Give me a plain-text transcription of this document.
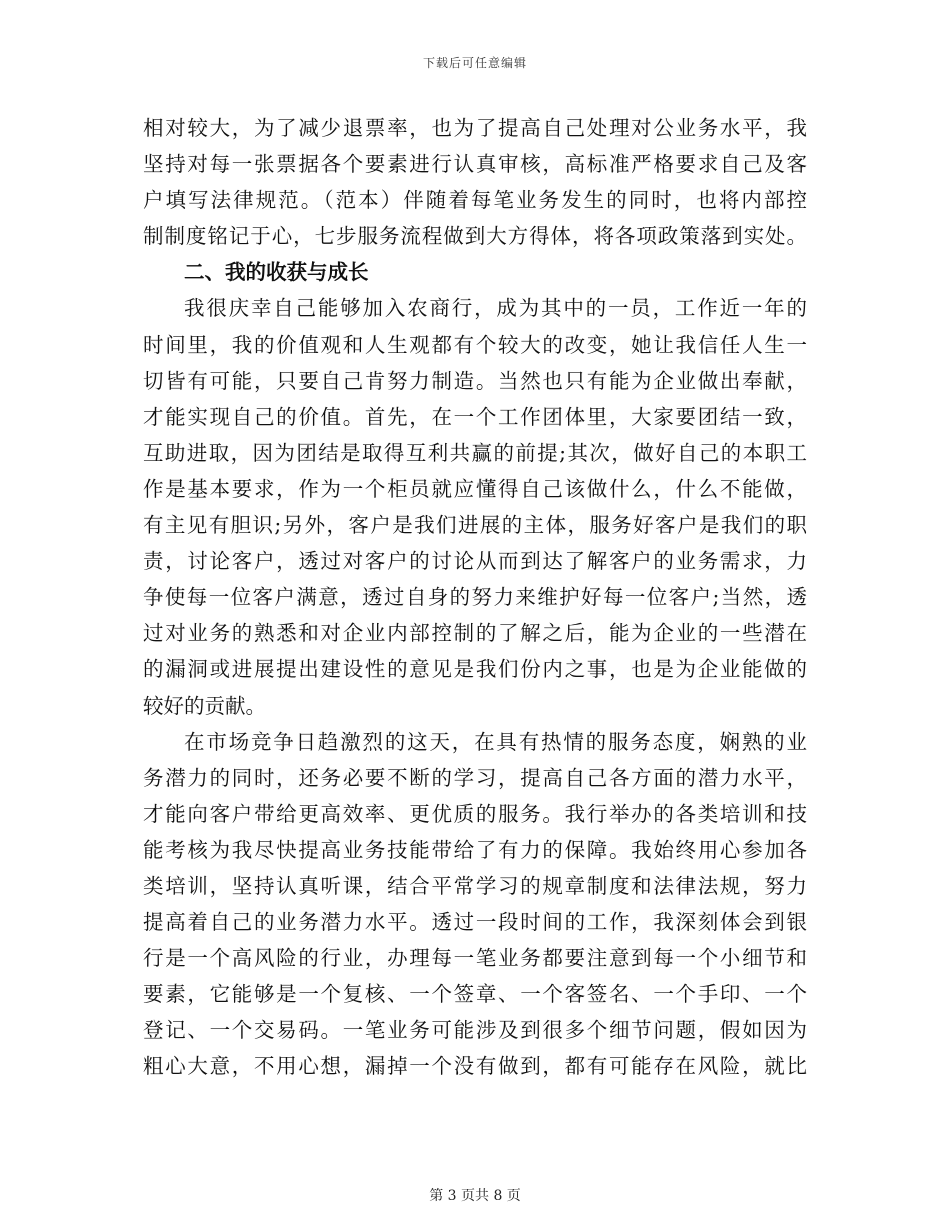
下载后可任意编辑
相对较大，为了减少退票率，也为了提高自己处理对公业务水平，我
坚持对每一张票据各个要素进行认真审核，高标准严格要求自己及客
户填写法律规范。（范本）伴随着每笔业务发生的同时，也将内部控
制制度铭记于心，七步服务流程做到大方得体，将各项政策落到实处。
二、我的收获与成长
我很庆幸自己能够加入农商行，成为其中的一员，工作近一年的
时间里，我的价值观和人生观都有个较大的改变，她让我信任人生一
切皆有可能，只要自己肯努力制造。当然也只有能为企业做出奉献，
才能实现自己的价值。首先，在一个工作团体里，大家要团结一致，
互助进取，因为团结是取得互利共赢的前提;其次，做好自己的本职工
作是基本要求，作为一个柜员就应懂得自己该做什么，什么不能做，
有主见有胆识;另外，客户是我们进展的主体，服务好客户是我们的职
责，讨论客户，透过对客户的讨论从而到达了解客户的业务需求，力
争使每一位客户满意，透过自身的努力来维护好每一位客户;当然，透
过对业务的熟悉和对企业内部控制的了解之后，能为企业的一些潜在
的漏洞或进展提出建设性的意见是我们份内之事，也是为企业能做的
较好的贡献。
在市场竞争日趋激烈的这天，在具有热情的服务态度，娴熟的业
务潜力的同时，还务必要不断的学习，提高自己各方面的潜力水平，
才能向客户带给更高效率、更优质的服务。我行举办的各类培训和技
能考核为我尽快提高业务技能带给了有力的保障。我始终用心参加各
类培训，坚持认真听课，结合平常学习的规章制度和法律法规，努力
提高着自己的业务潜力水平。透过一段时间的工作，我深刻体会到银
行是一个高风险的行业，办理每一笔业务都要注意到每一个小细节和
要素，它能够是一个复核、一个签章、一个客签名、一个手印、一个
登记、一个交易码。一笔业务可能涉及到很多个细节问题，假如因为
粗心大意，不用心想，漏掉一个没有做到，都有可能存在风险，就比
第 3 页共 8 页
